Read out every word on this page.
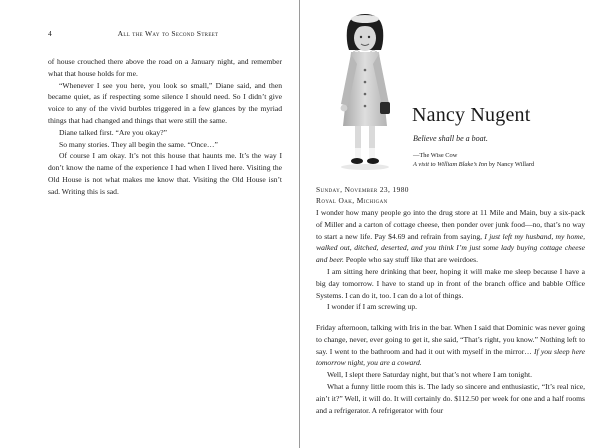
4	All the Way to Second Street

of house crouched there above the road on a January night, and remember what that house holds for me.

“Whenever I see you here, you look so small,” Diane said, and then became quiet, as if respecting some silence I should need. So I didn’t give voice to any of the vivid burbles triggered in a few glances by the myriad things that had changed and things that were still the same.

Diane talked first. “Are you okay?”

So many stories. They all begin the same. “Once…”

Of course I am okay. It’s not this house that haunts me. It’s the way I don’t know the name of the experience I had when I lived here. Visiting the Old House is not what makes me know that. Visiting the Old House isn’t sad. Writing this is sad.

Nancy Nugent
Believe shall be a boat.
—The Wise Cow
A visit to William Blake’s Inn by Nancy Willard
Sunday, November 23, 1980
Royal Oak, Michigan

I wonder how many people go into the drug store at 11 Mile and Main, buy a six-pack of Miller and a carton of cottage cheese, then ponder over junk food—no, that’s no way to start a new life. Pay $4.69 and refrain from saying, I just left my husband, my home, walked out, ditched, deserted, and you think I’m just some lady buying cottage cheese and beer. People who say stuff like that are weirdoes.

I am sitting here drinking that beer, hoping it will make me sleep because I have a big day tomorrow. I have to stand up in front of the branch office and babble Office Systems. I can do it, too. I can do a lot of things.

I wonder if I am screwing up.

Friday afternoon, talking with Iris in the bar. When I said that Dominic was never going to change, never, ever going to get it, she said, “That’s right, you know.” Nothing left to say. I went to the bathroom and had it out with myself in the mirror… If you sleep here tomorrow night, you are a coward.

Well, I slept there Saturday night, but that’s not where I am tonight.

What a funny little room this is. The lady so sincere and enthusiastic, “It’s real nice, ain’t it?” Well, it will do. It will certainly do. $112.50 per week for one and a half rooms and a refrigerator. A refrigerator with four
